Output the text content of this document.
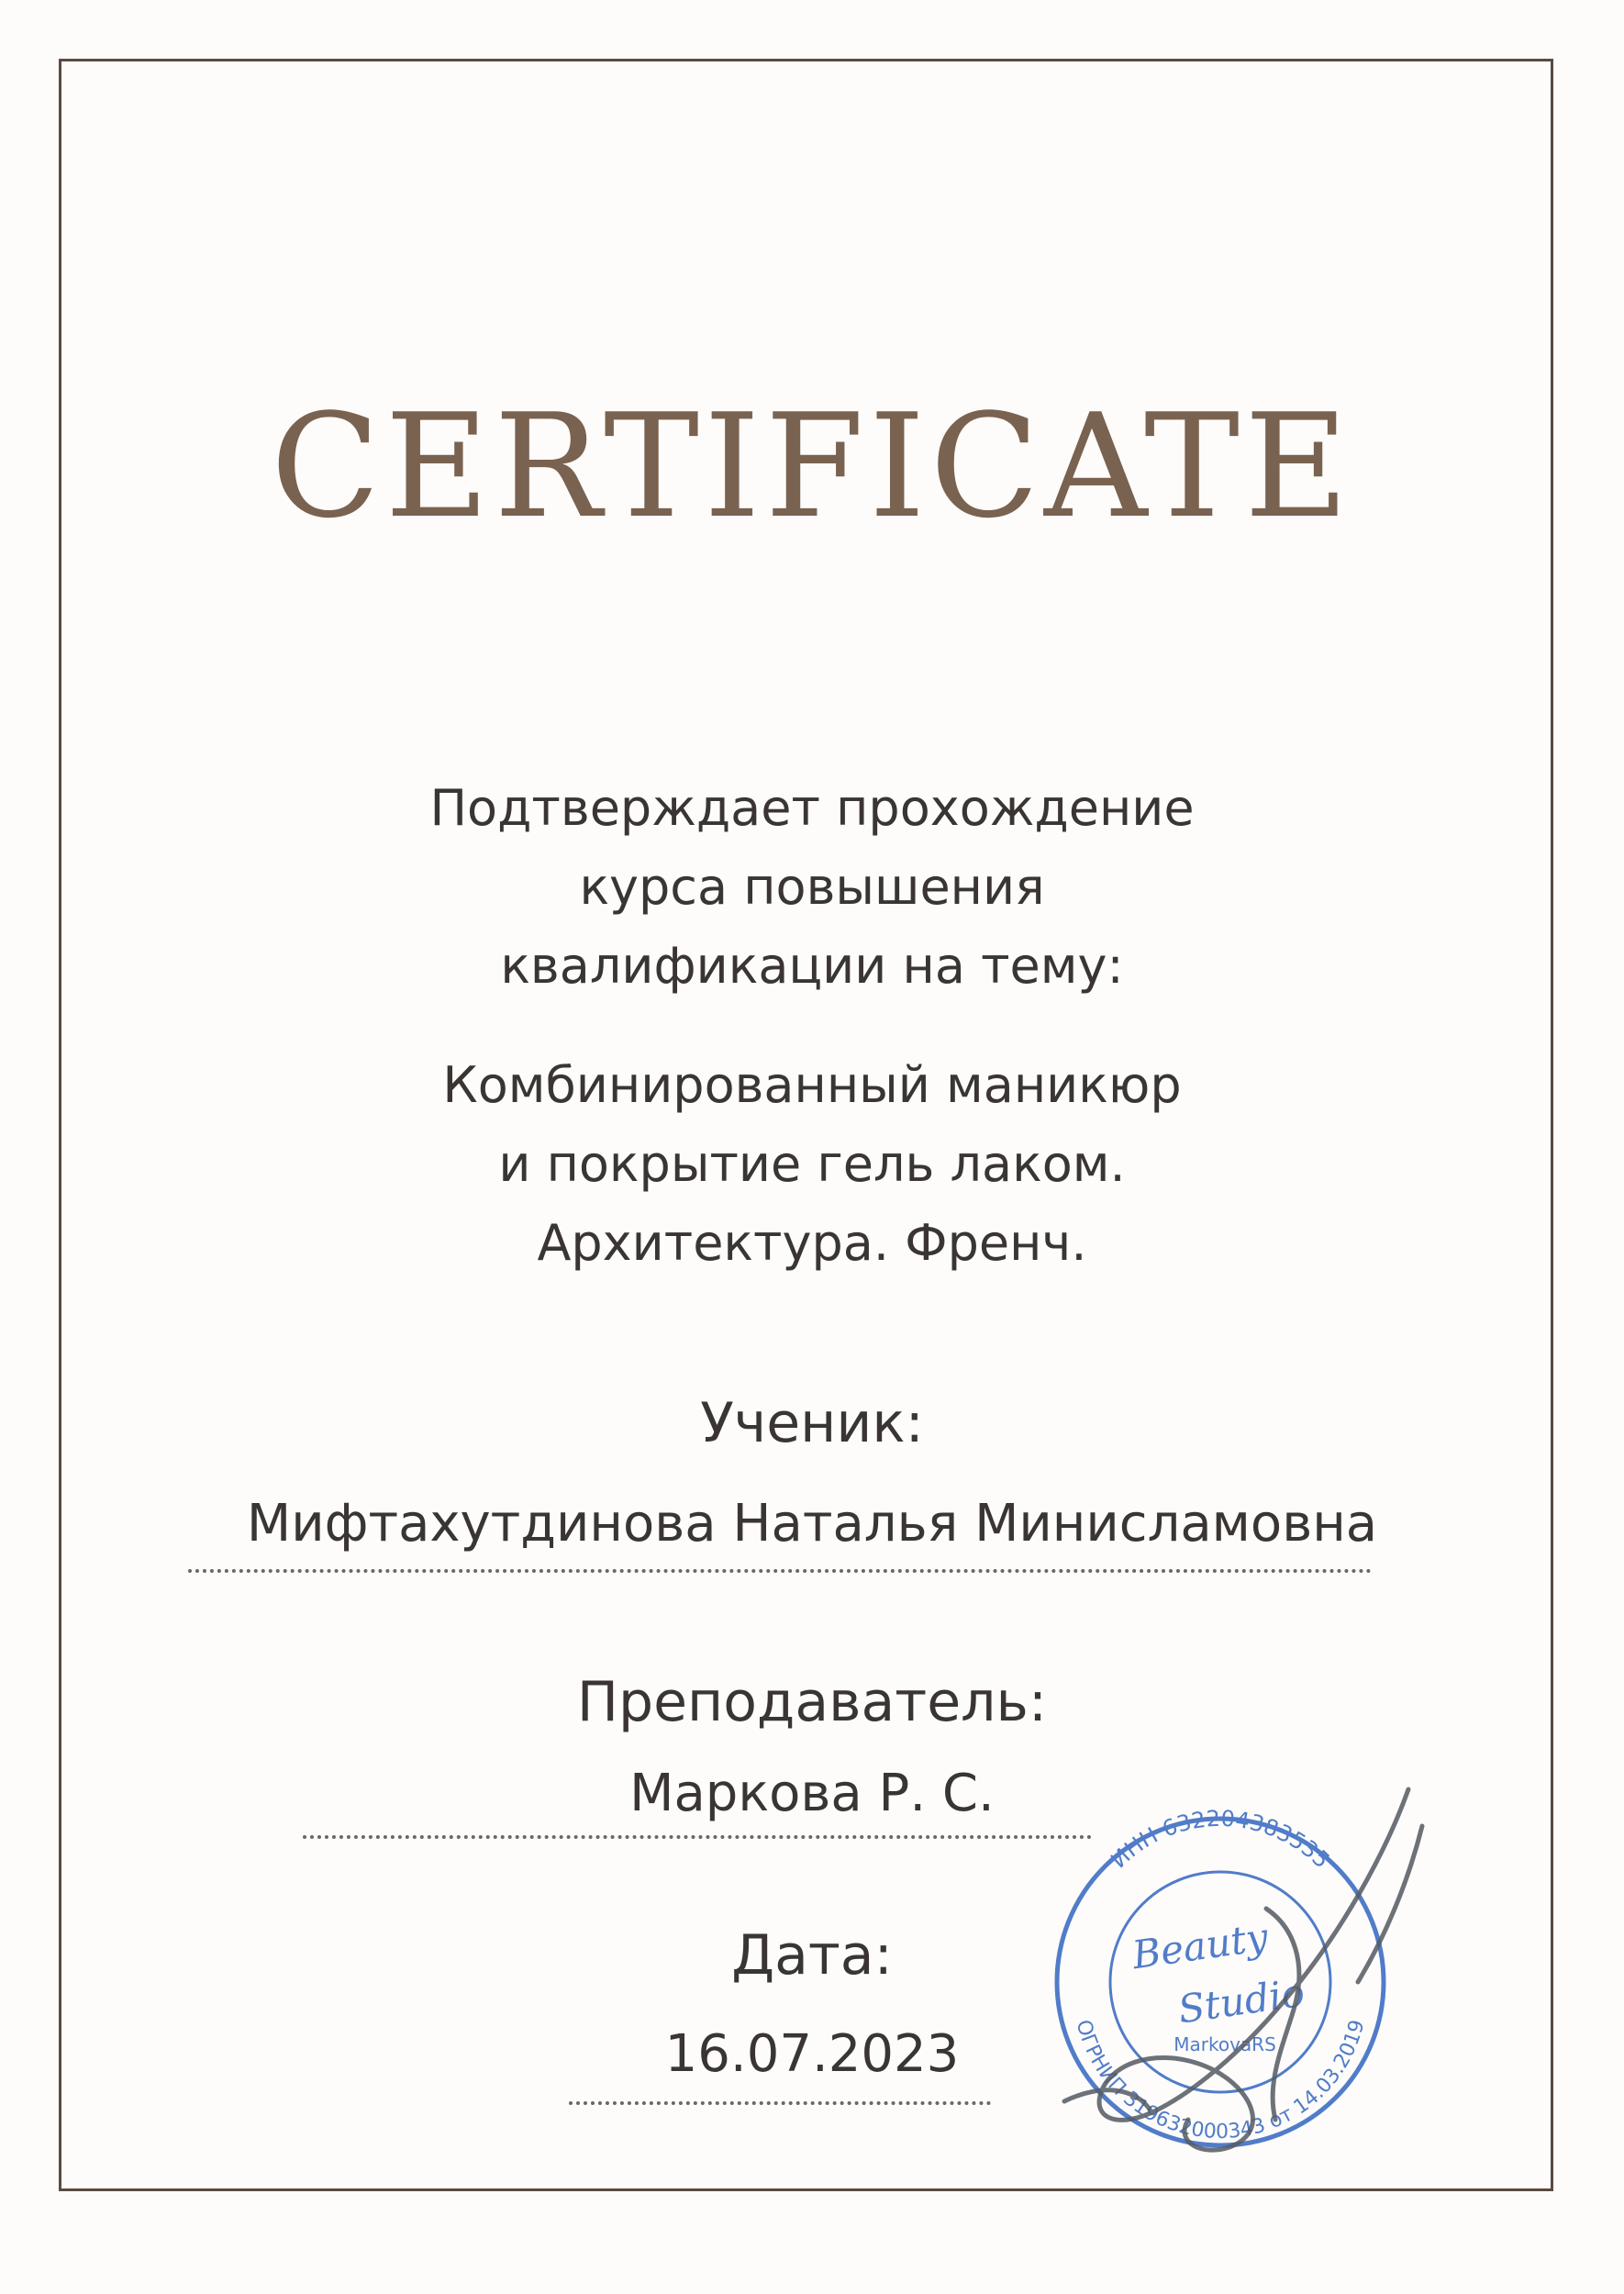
CERTIFICATE
Подтверждает прохождение
курса повышения
квалификации на тему:
Комбинированный маникюр
и покрытие гель лаком.
Архитектура. Френч.
Ученик:
Мифтахутдинова Наталья Минисламовна
Преподаватель:
Маркова Р. С.
Дата:
16.07.2023
ИНН 632204383535
ОГРНИП 319632000343 от 14.03.2019
Beauty
Studio
MarkovaRS
